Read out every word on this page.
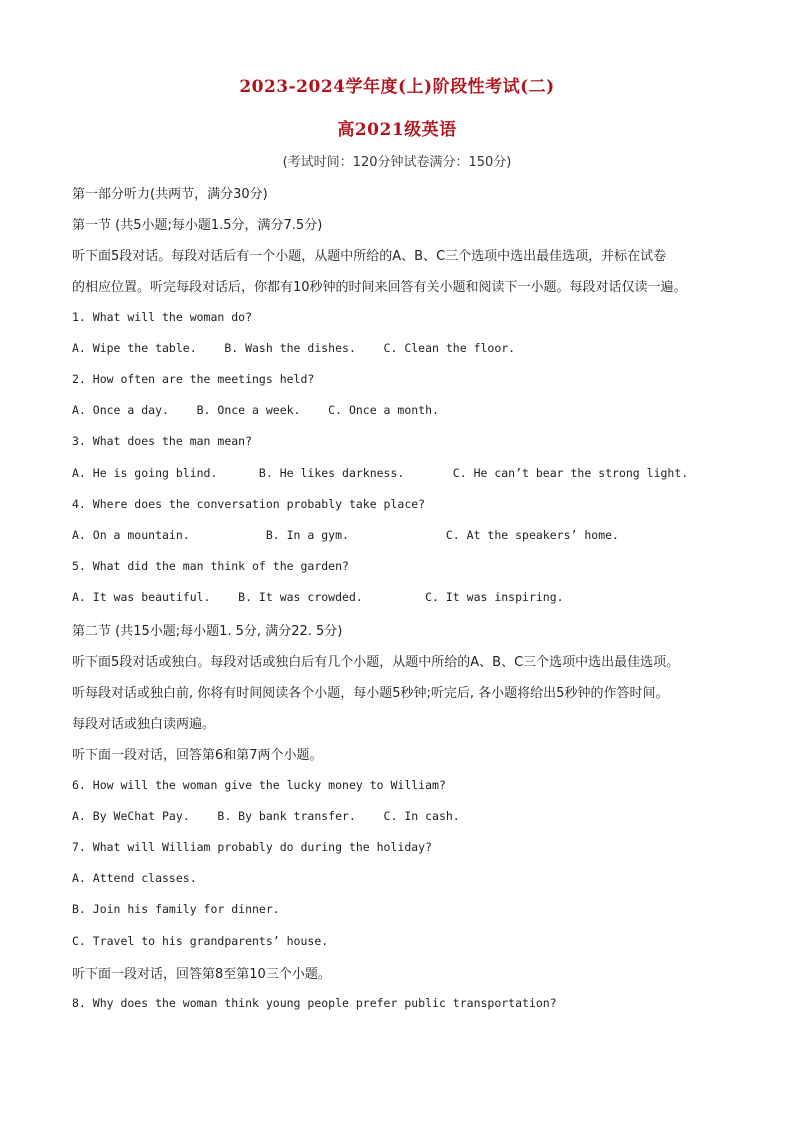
2023-2024学年度(上)阶段性考试(二)
高2021级英语
(考试时间：120分钟试卷满分：150分)
第一部分听力(共两节，满分30分)
第一节 (共5小题;每小题1.5分，满分7.5分)
听下面5段对话。每段对话后有一个小题，从题中所给的A、B、C三个选项中选出最佳选项，并标在试卷
的相应位置。听完每段对话后，你都有10秒钟的时间来回答有关小题和阅读下一小题。每段对话仅读一遍。
1. What will the woman do?
A. Wipe the table.    B. Wash the dishes.    C. Clean the floor.
2. How often are the meetings held?
A. Once a day.    B. Once a week.    C. Once a month.
3. What does the man mean?
A. He is going blind.      B. He likes darkness.       C. He can’t bear the strong light.
4. Where does the conversation probably take place?
A. On a mountain.           B. In a gym.              C. At the speakers’ home.
5. What did the man think of the garden?
A. It was beautiful.    B. It was crowded.         C. It was inspiring.
第二节 (共15小题;每小题1. 5分, 满分22. 5分)
听下面5段对话或独白。每段对话或独白后有几个小题，从题中所给的A、B、C三个选项中选出最佳选项。
听每段对话或独白前, 你将有时间阅读各个小题，每小题5秒钟;听完后, 各小题将给出5秒钟的作答时间。
每段对话或独白读两遍。
听下面一段对话，回答第6和第7两个小题。
6. How will the woman give the lucky money to William?
A. By WeChat Pay.    B. By bank transfer.    C. In cash.
7. What will William probably do during the holiday?
A. Attend classes.
B. Join his family for dinner.
C. Travel to his grandparents’ house.
听下面一段对话，回答第8至第10三个小题。
8. Why does the woman think young people prefer public transportation?
